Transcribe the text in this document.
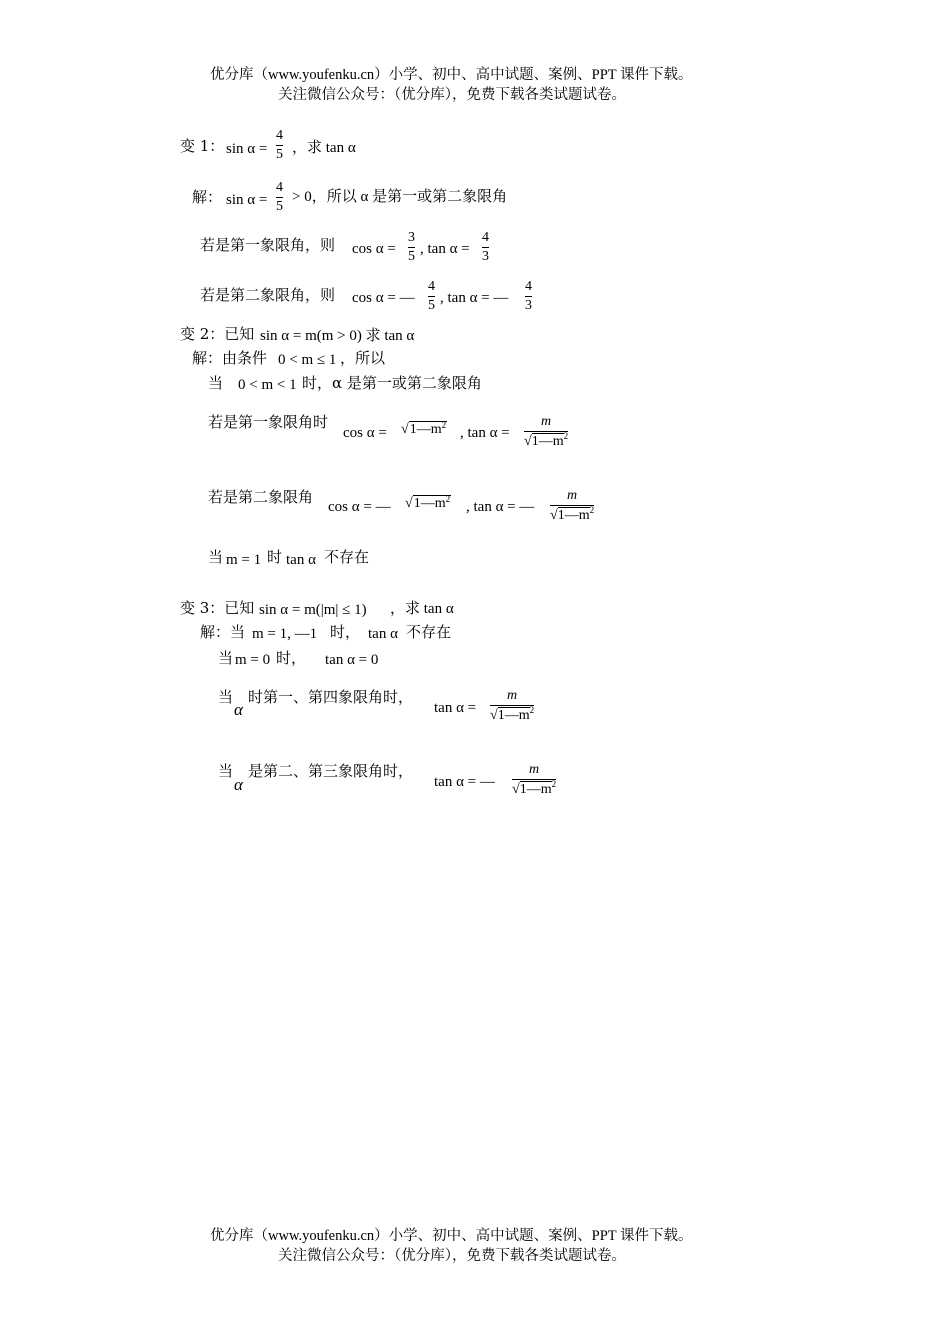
优分库（www.youfenku.cn）小学、初中、高中试题、案例、PPT 课件下载。
关注微信公众号：（优分库），免费下载各类试题试卷。
变 1： sin α =
4
5 ，求 tan α
解： sin α =
4
5
> 0，所以 α 是第一或第二象限角
若是第一象限角，则 cos α =
3
5 , tan α =
4
3
若是第二象限角，则 cos α = —
4
5 , tan α = —
4
3
变 2：已知 sin α = m(m > 0) 求 tan α
解：由条件 0 < m ≤ 1 ，所以
当 0 < m < 1 时，α 是第一或第二象限角
若是第一象限角时
$\cos \alpha = √1—m^2$ , tan α =
m
$√1—m^2$
若是第二象限角
cos α = — $√1—m^2$ , tan α = —
m
$√1—m^2$
当 m = 1 时 tan α 不存在
变 3：已知 sin α = m(|m| ≤ 1) ，求 tan α
解：当 m = 1, —1 时， tan α 不存在
当 m = 0 时， tan α = 0
当
α
时第一、第四象限角时，
tan α =
m
$√1—m^2$
当
α
是第二、第三象限角时，
tan α = —
m
$√1—m^2$
优分库（www.youfenku.cn）小学、初中、高中试题、案例、PPT 课件下载。
关注微信公众号：（优分库），免费下载各类试题试卷。
